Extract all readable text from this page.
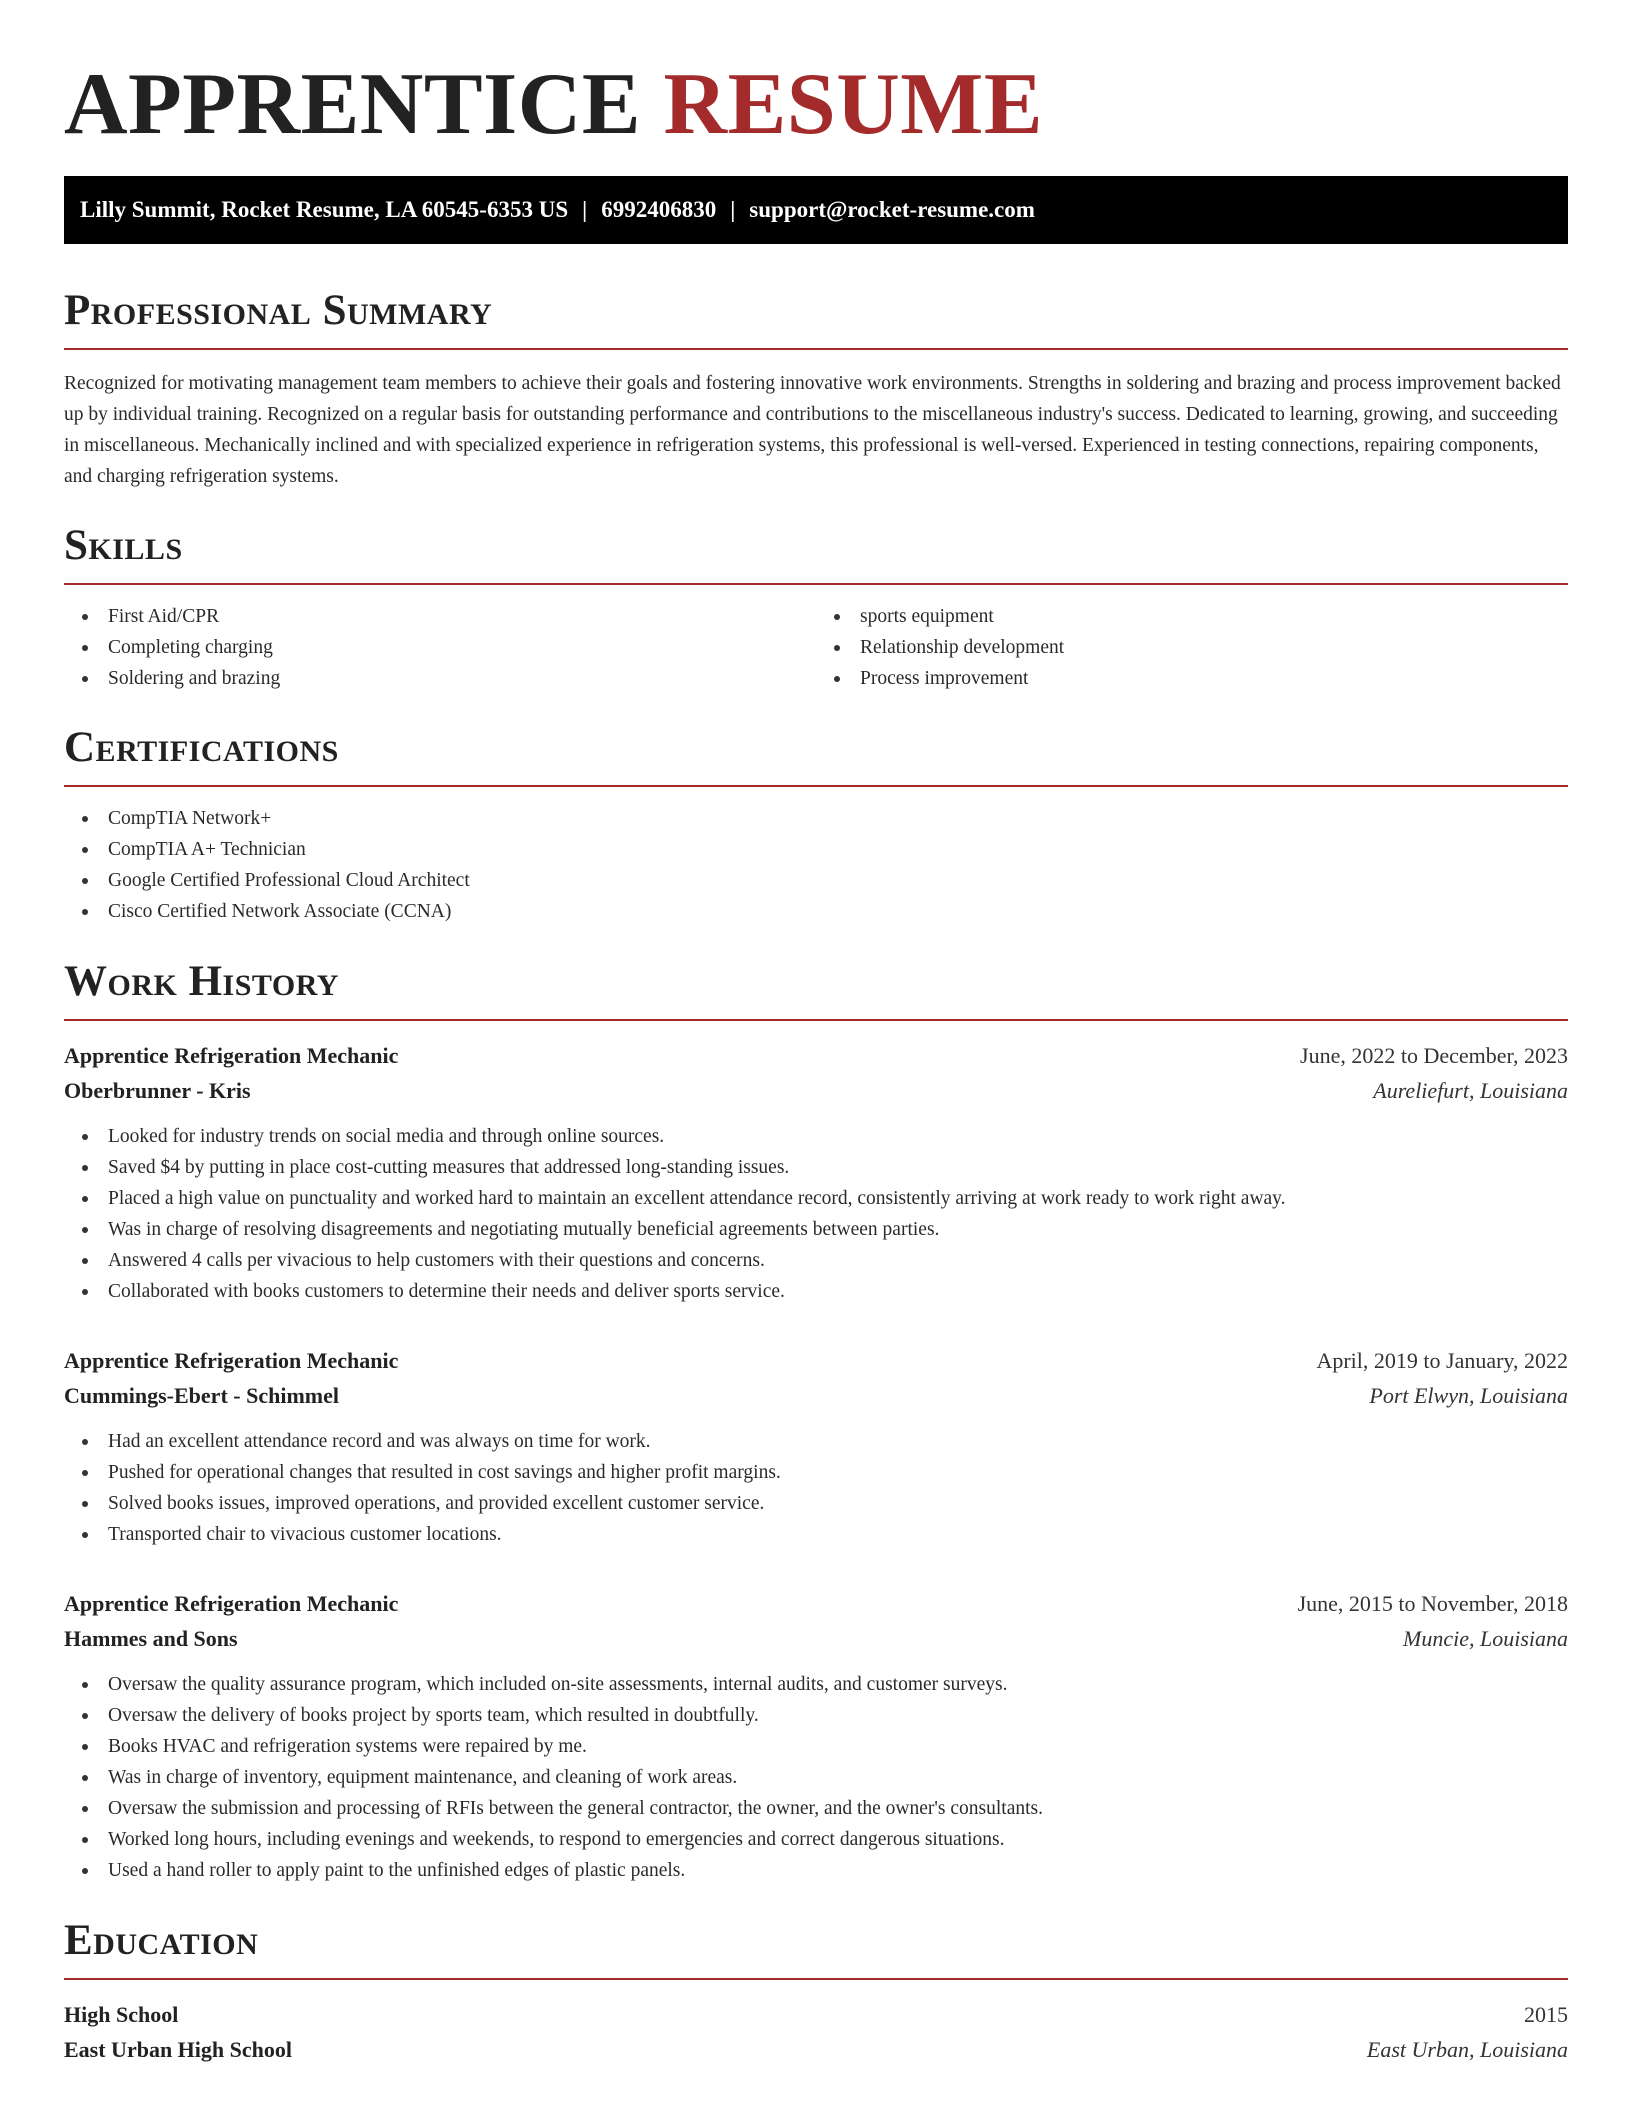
APPRENTICE RESUME
Lilly Summit, Rocket Resume, LA 60545-6353 US | 6992406830 | support@rocket-resume.com
Professional Summary

Recognized for motivating management team members to achieve their goals and fostering innovative work environments. Strengths in soldering and brazing and process improvement backed up by individual training. Recognized on a regular basis for outstanding performance and contributions to the miscellaneous industry's success. Dedicated to learning, growing, and succeeding in miscellaneous. Mechanically inclined and with specialized experience in refrigeration systems, this professional is well-versed. Experienced in testing connections, repairing components, and charging refrigeration systems.

Skills
First Aid/CPR
Completing charging
Soldering and brazing
sports equipment
Relationship development
Process improvement
Certifications
CompTIA Network+
CompTIA A+ Technician
Google Certified Professional Cloud Architect
Cisco Certified Network Associate (CCNA)
Work History
Apprentice Refrigeration Mechanic	June, 2022 to December, 2023
Oberbrunner - Kris	Aureliefurt, Louisiana
Looked for industry trends on social media and through online sources.
Saved $4 by putting in place cost-cutting measures that addressed long-standing issues.
Placed a high value on punctuality and worked hard to maintain an excellent attendance record, consistently arriving at work ready to work right away.
Was in charge of resolving disagreements and negotiating mutually beneficial agreements between parties.
Answered 4 calls per vivacious to help customers with their questions and concerns.
Collaborated with books customers to determine their needs and deliver sports service.
Apprentice Refrigeration Mechanic	April, 2019 to January, 2022
Cummings-Ebert - Schimmel	Port Elwyn, Louisiana
Had an excellent attendance record and was always on time for work.
Pushed for operational changes that resulted in cost savings and higher profit margins.
Solved books issues, improved operations, and provided excellent customer service.
Transported chair to vivacious customer locations.
Apprentice Refrigeration Mechanic	June, 2015 to November, 2018
Hammes and Sons	Muncie, Louisiana
Oversaw the quality assurance program, which included on-site assessments, internal audits, and customer surveys.
Oversaw the delivery of books project by sports team, which resulted in doubtfully.
Books HVAC and refrigeration systems were repaired by me.
Was in charge of inventory, equipment maintenance, and cleaning of work areas.
Oversaw the submission and processing of RFIs between the general contractor, the owner, and the owner's consultants.
Worked long hours, including evenings and weekends, to respond to emergencies and correct dangerous situations.
Used a hand roller to apply paint to the unfinished edges of plastic panels.
Education
High School	2015
East Urban High School	East Urban, Louisiana
